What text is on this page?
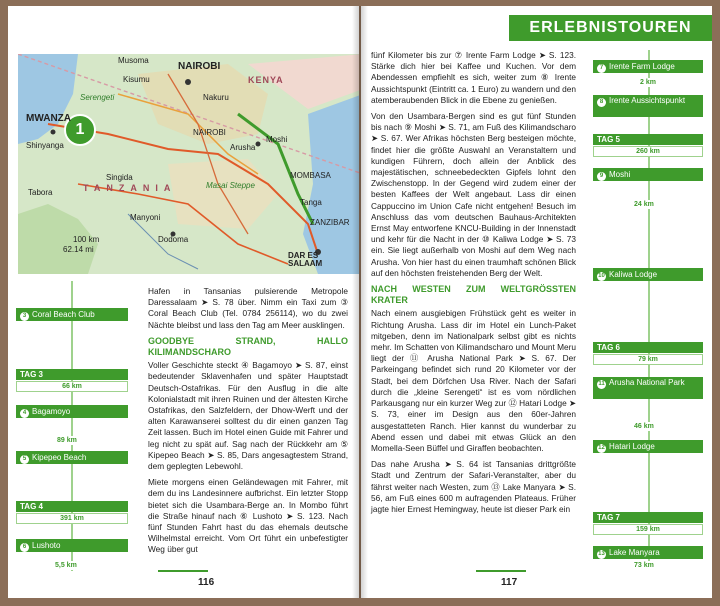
1
NAIROBI
KENYA
TANZANIA
MWANZA
Musoma
Kisumu
Nakuru
Serengeti
Shinyanga
NAIROBI
Arusha
Moshi
MOMBASA
Tanga
ZANZIBAR
Masai Steppe
Singida
Tabora
Manyoni
Dodoma
DAR ES SALAAM
62.14 mi
100 km
3 Coral Beach Club
TAG 3
66 km
4 Bagamoyo
89 km
5 Kipepeo Beach
TAG 4
391 km
6 Lushoto
5,5 km

Hafen in Tansanias pulsierende Metropole Daressalaam ➤ S. 78 über. Nimm ein Taxi zum ③ Coral Beach Club (Tel. 0784 256114), wo du zwei Nächte bleibst und lass den Tag am Meer ausklingen.

GOODBYE STRAND, HALLO KILIMANDSCHARO

Voller Geschichte steckt ④ Bagamoyo ➤ S. 87, einst bedeutender Sklavenhafen und später Hauptstadt Deutsch-Ostafrikas. Für den Ausflug in die alte Kolonialstadt mit ihren Ruinen und der ältesten Kirche Ostafrikas, den Salzfeldern, der Dhow-Werft und der alten Karawanserei solltest du dir einen ganzen Tag Zeit lassen. Buch im Hotel einen Guide mit Fahrer und leg nicht zu spät auf. Sag nach der Rückkehr am ⑤ Kipepeo Beach ➤ S. 85, Dars angesagtestem Strand, dem geplegten Lebewohl.

Miete morgens einen Geländewagen mit Fahrer, mit dem du ins Landesinnere aufbrichst. Ein letzter Stopp bietet sich die Usambara-Berge an. In Mombo führt die Straße hinauf nach ⑥ Lushoto ➤ S. 123. Nach fünf Stunden Fahrt hast du das ehemals deutsche Wilhelmstal erreicht. Vom Ort führt ein unbefestigter Weg über gut

116
ERLEBNISTOUREN

fünf Kilometer bis zur ⑦ Irente Farm Lodge ➤ S. 123. Stärke dich hier bei Kaffee und Kuchen. Vor dem Abendessen empfiehlt es sich, weiter zum ⑧ Irente Aussichtspunkt (Eintritt ca. 1 Euro) zu wandern und den atemberaubenden Blick in die Ebene zu genießen.

Von den Usambara-Bergen sind es gut fünf Stunden bis nach ⑨ Moshi ➤ S. 71, am Fuß des Kilimandscharo ➤ S. 67. Wer Afrikas höchsten Berg besteigen möchte, findet hier die größte Auswahl an Veranstaltern und kundigen Führern, doch allein der Anblick des majestätischen, schneebedeckten Gipfels lohnt den Zwischenstopp. In der Gegend wird zudem einer der besten Kaffees der Welt angebaut. Lass dir einen Cappuccino im Union Cafe nicht entgehen! Besuch im Anschluss das vom deutschen Bauhaus-Architekten Ernst May entworfene KNCU-Building in der Innenstadt und kehr für die Nacht in der ⑩ Kaliwa Lodge ➤ S. 73 ein. Sie liegt außerhalb von Moshi auf dem Weg nach Arusha. Von hier hast du einen traumhaft schönen Blick auf den höchsten freistehenden Berg der Welt.

NACH WESTEN ZUM WELTGRÖSSTEN KRATER

Nach einem ausgiebigen Frühstück geht es weiter in Richtung Arusha. Lass dir im Hotel ein Lunch-Paket mitgeben, denn im Nationalpark selbst gibt es nichts mehr. Im Schatten von Kilimandscharo und Mount Meru liegt der ⑪ Arusha National Park ➤ S. 67. Der Parkeingang befindet sich rund 20 Kilometer vor der Stadt, bei dem Dörfchen Usa River. Nach der Safari durch die „kleine Serengeti“ ist es vom nördlichen Parkausgang nur ein kurzer Weg zur ⑫ Hatari Lodge ➤ S. 73, einer im Design aus den 60er-Jahren ausgestatteten Ranch. Hier kannst du wunderbar zu Abend essen und dabei mit etwas Glück an den Momella-Seen Büffel und Giraffen beobachten.

Das nahe Arusha ➤ S. 64 ist Tansanias drittgrößte Stadt und Zentrum der Safari-Veranstalter, aber du fährst weiter nach Westen, zum ⑬ Lake Manyara ➤ S. 56, am Fuß eines 600 m aufragenden Plateaus. Früher jagte hier Ernest Hemingway, heute ist dieser Park ein

7 Irente Farm Lodge
2 km
8 Irente Aussichtspunkt
TAG 5
260 km
9 Moshi
24 km
10 Kaliwa Lodge
TAG 6
79 km
11 Arusha National Park
46 km
12 Hatari Lodge
TAG 7
159 km
13 Lake Manyara
73 km
117
